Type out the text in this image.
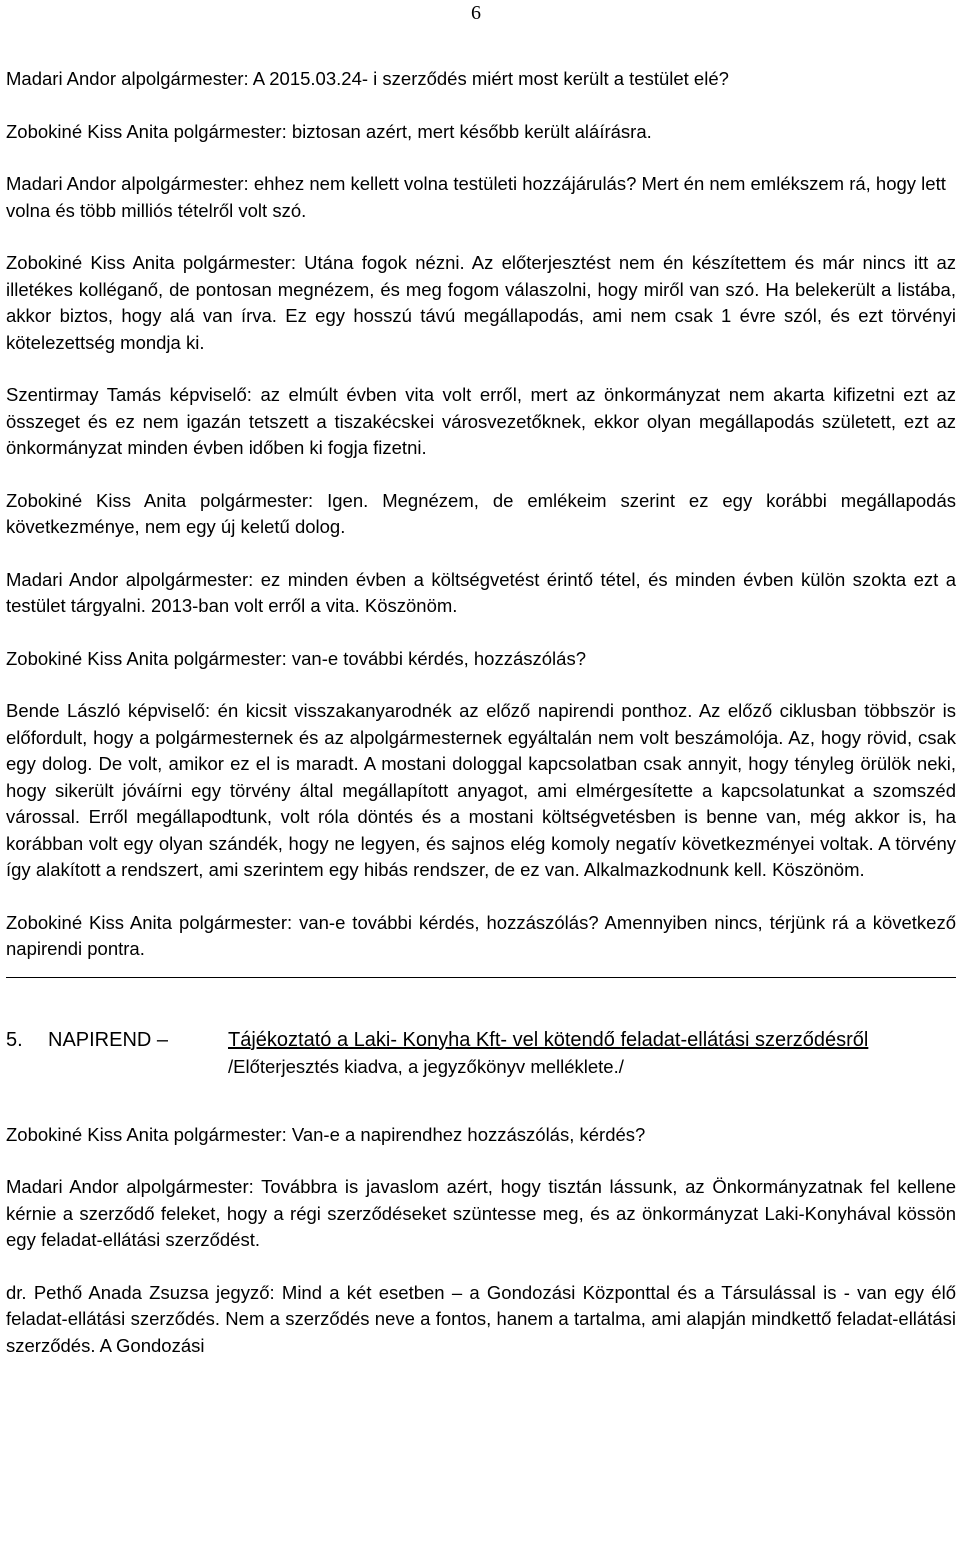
6

Madari Andor alpolgármester: A 2015.03.24- i szerződés miért most került a testület elé?

Zobokiné Kiss Anita polgármester: biztosan azért, mert később került aláírásra.

Madari Andor alpolgármester: ehhez nem kellett volna testületi hozzájárulás? Mert én nem emlékszem rá, hogy lett volna és több milliós tételről volt szó.

Zobokiné Kiss Anita polgármester: Utána fogok nézni. Az előterjesztést nem én készítettem és már nincs itt az illetékes kolléganő, de pontosan megnézem, és meg fogom válaszolni, hogy miről van szó. Ha belekerült a listába, akkor biztos, hogy alá van írva. Ez egy hosszú távú megállapodás, ami nem csak 1 évre szól, és ezt törvényi kötelezettség mondja ki.

Szentirmay Tamás képviselő: az elmúlt évben vita volt erről, mert az önkormányzat nem akarta kifizetni ezt az összeget és ez nem igazán tetszett a tiszakécskei városvezetőknek, ekkor olyan megállapodás született, ezt az önkormányzat minden évben időben ki fogja fizetni.

Zobokiné Kiss Anita polgármester: Igen. Megnézem, de emlékeim szerint ez egy korábbi megállapodás következménye, nem egy új keletű dolog.

Madari Andor alpolgármester: ez minden évben a költségvetést érintő tétel, és minden évben külön szokta ezt a testület tárgyalni. 2013-ban volt erről a vita. Köszönöm.

Zobokiné Kiss Anita polgármester: van-e további kérdés, hozzászólás?

Bende László képviselő: én kicsit visszakanyarodnék az előző napirendi ponthoz. Az előző ciklusban többször is előfordult, hogy a polgármesternek és az alpolgármesternek egyáltalán nem volt beszámolója. Az, hogy rövid, csak egy dolog. De volt, amikor ez el is maradt. A mostani dologgal kapcsolatban csak annyit, hogy tényleg örülök neki, hogy sikerült jóváírni egy törvény által megállapított anyagot, ami elmérgesítette a kapcsolatunkat a szomszéd várossal. Erről megállapodtunk, volt róla döntés és a mostani költségvetésben is benne van, még akkor is, ha korábban volt egy olyan szándék, hogy ne legyen, és sajnos elég komoly negatív következményei voltak. A törvény így alakított a rendszert, ami szerintem egy hibás rendszer, de ez van. Alkalmazkodnunk kell. Köszönöm.

Zobokiné Kiss Anita polgármester: van-e további kérdés, hozzászólás? Amennyiben nincs, térjünk rá a következő napirendi pontra.

5.	NAPIREND –	Tájékoztató a Laki- Konyha Kft- vel kötendő feladat-ellátási szerződésről
/Előterjesztés kiadva, a jegyzőkönyv melléklete./

Zobokiné Kiss Anita polgármester: Van-e a napirendhez hozzászólás, kérdés?

Madari Andor alpolgármester: Továbbra is javaslom azért, hogy tisztán lássunk, az Önkormányzatnak fel kellene kérnie a szerződő feleket, hogy a régi szerződéseket szüntesse meg, és az önkormányzat Laki-Konyhával kössön egy feladat-ellátási szerződést.

dr. Pethő Anada Zsuzsa jegyző: Mind a két esetben – a Gondozási Központtal és a Társulással is - van egy élő feladat-ellátási szerződés. Nem a szerződés neve a fontos, hanem a tartalma, ami alapján mindkettő feladat-ellátási szerződés. A Gondozási
